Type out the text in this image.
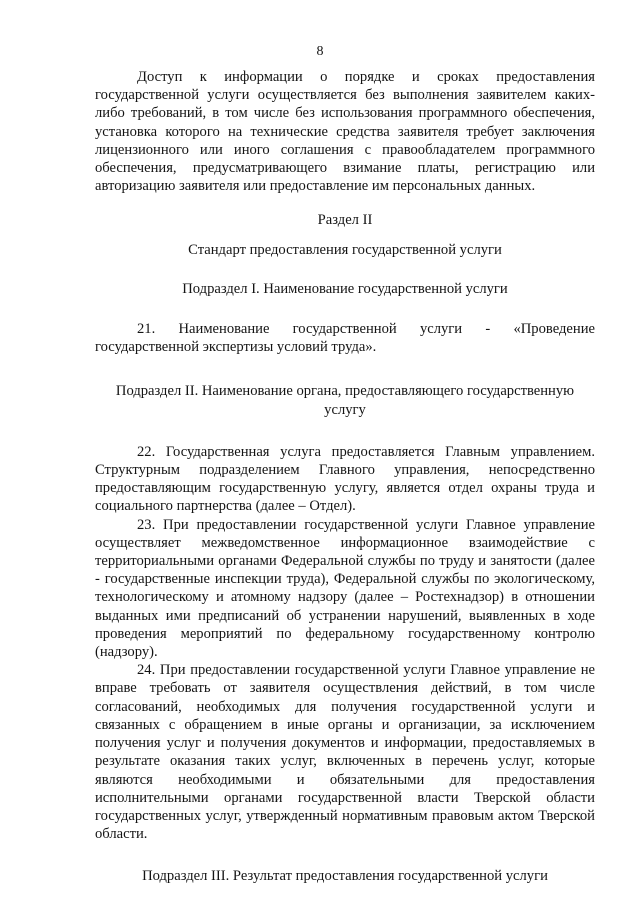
8

Доступ к информации о порядке и сроках предоставления государственной услуги осуществляется без выполнения заявителем каких-либо требований, в том числе без использования программного обеспечения, установка которого на технические средства заявителя требует заключения лицензионного или иного соглашения с правообладателем программного обеспечения, предусматривающего взимание платы, регистрацию или авторизацию заявителя или предоставление им персональных данных.

Раздел II

Стандарт предоставления государственной услуги

Подраздел I. Наименование государственной услуги

21. Наименование государственной услуги - «Проведение государственной экспертизы условий труда».

Подраздел II. Наименование органа, предоставляющего государственную услугу

22. Государственная услуга предоставляется Главным управлением. Структурным подразделением Главного управления, непосредственно предоставляющим государственную услугу, является отдел охраны труда и социального партнерства (далее – Отдел).

23. При предоставлении государственной услуги Главное управление осуществляет межведомственное информационное взаимодействие с территориальными органами Федеральной службы по труду и занятости (далее - государственные инспекции труда), Федеральной службы по экологическому, технологическому и атомному надзору (далее – Ростехнадзор) в отношении выданных ими предписаний об устранении нарушений, выявленных в ходе проведения мероприятий по федеральному государственному контролю (надзору).

24. При предоставлении государственной услуги Главное управление не вправе требовать от заявителя осуществления действий, в том числе согласований, необходимых для получения государственной услуги и связанных с обращением в иные органы и организации, за исключением получения услуг и получения документов и информации, предоставляемых в результате оказания таких услуг, включенных в перечень услуг, которые являются необходимыми и обязательными для предоставления исполнительными органами государственной власти Тверской области государственных услуг, утвержденный нормативным правовым актом Тверской области.

Подраздел III. Результат предоставления государственной услуги
